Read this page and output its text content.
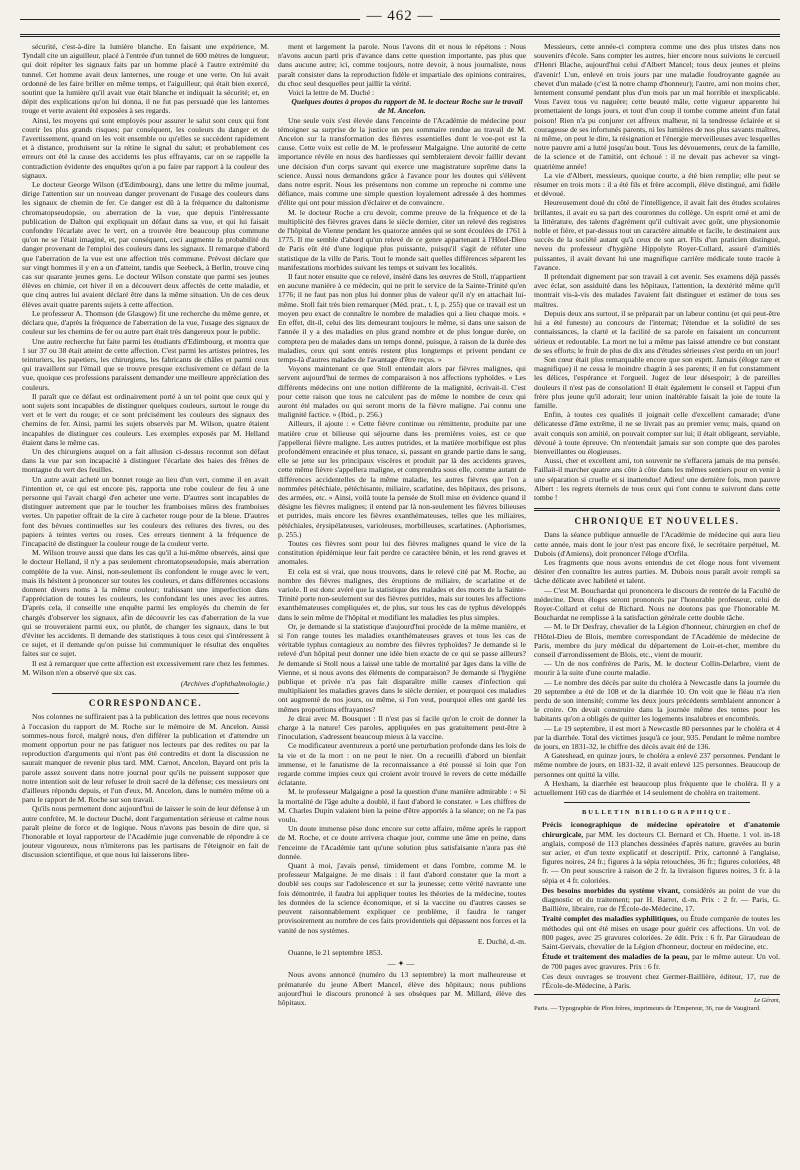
— 462 —

sécurité, c'est-à-dire la lumière blanche. En faisant une expérience, M. Tyndall cite un aiguilleur, placé à l'entrée d'un tunnel de 600 mètres de longueur, qui doit répéter les signaux faits par un homme placé à l'autre extrémité du tunnel. Cet homme avait deux lanternes, une rouge et une verte. On lui avait ordonné de les faire briller en même temps, et l'aiguilleur, qui était bien exercé, soutint que la lumière qu'il avait vue était blanche et indiquait la sécurité; et, en dépit des explications qu'on lui donna, il ne fut pas persuadé que les lanternes rouge et verte avaient été exposées à ses regards.

Ainsi, les moyens qui sont employés pour assurer le salut sont ceux qui font courir les plus grands risques; par conséquent, les couleurs du danger et de l'avertissement, quand on les voit ensemble ou qu'elles se succèdent rapidement et à distance, produisent sur la rétine le signal du salut; et probablement ces erreurs ont été la cause des accidents les plus effrayants, car on se rappelle la contradiction évidente des enquêtes qu'on a pu faire par rapport à la couleur des signaux.

Le docteur George Wilson (d'Edimbourg), dans une lettre du même journal, dirige l'attention sur un nouveau danger provenant de l'usage des couleurs dans les signaux de chemin de fer. Ce danger est dû à la fréquence du daltonisme chromatopseudopsie, ou aberration de la vue, que depuis l'intéressante publication de Dalton qui expliquait un défaut dans sa vue, et qui lui faisait confondre l'écarlate avec le vert, on a trouvée être beaucoup plus commune qu'on ne se l'était imaginé, et, par conséquent, ceci augmente la probabilité du danger provenant de l'emploi des couleurs dans les signaux. Il remarque d'abord que l'aberration de la vue est une affection très commune. Prévost déclare que sur vingt hommes il y en a un d'atteint, tandis que Seebeck, à Berlin, trouve cinq cas sur quarante jeunes gens. Le docteur Wilson constate que parmi ses jeunes élèves en chimie, cet hiver il en a découvert deux affectés de cette maladie, et que cinq autres lui avaient déclaré être dans la même situation. Un de ces deux élèves avait quatre parents sujets à cette affection.

Le professeur A. Thomson (de Glasgow) fit une recherche du même genre, et déclara que, d'après la fréquence de l'aberration de la vue, l'usage des signaux de couleur sur les chemins de fer ou autre part était très dangereux pour le public.

Une autre recherche fut faite parmi les étudiants d'Edimbourg, et montra que 1 sur 37 ou 38 était atteint de cette affection. C'est parmi les artistes peintres, les teinturiers, les papetiers, les chirurgiens, les fabricants de châles et parmi ceux qui travaillent sur l'émail que se trouve presque exclusivement ce défaut de la vue, quoique ces professions paraissent demander une meilleure appréciation des couleurs.

Il paraît que ce défaut est ordinairement porté à un tel point que ceux qui y sont sujets sont incapables de distinguer quelques couleurs, surtout le rouge du vert et le vert du rouge; et ce sont précisément les couleurs des signaux des chemins de fer. Ainsi, parmi les sujets observés par M. Wilson, quatre étaient incapables de distinguer ces couleurs. Les exemples exposés par M. Helland étaient dans le même cas.

Un des chirurgiens auquel on a fait allusion ci-dessus reconnut son défaut dans la vue par son incapacité à distinguer l'écarlate des baies des frênes de montagne du vert des feuilles.

Un autre avait acheté un bonnet rouge au lieu d'un vert, comme il en avait l'intention et, ce qui est encore pis, rapporta une robe couleur de feu à une personne qui l'avait chargé d'en acheter une verte. D'autres sont incapables de distinguer autrement que par le toucher les framboises mûres des framboises vertes. Un papetier offrait de la cire à cacheter rouge pour de la bleue. D'autres font des bévues continuelles sur les couleurs des reliures des livres, ou des papiers à teintes vertes ou roses. Ces erreurs tiennent à la fréquence de l'incapacité de distinguer la couleur rouge de la couleur verte.

M. Wilson trouve aussi que dans les cas qu'il a lui-même observés, ainsi que le docteur Helland, il n'y a pas seulement chromatopseudopsie, mais aberration complète de la vue. Ainsi, non-seulement ils confondent le rouge avec le vert, mais ils hésitent à prononcer sur toutes les couleurs, et dans différentes occasions donnent divers noms à la même couleur; trahissant une imperfection dans l'appréciation de toutes les couleurs, les confondant les unes avec les autres. D'après cela, il conseille une enquête parmi les employés du chemin de fer chargés d'observer les signaux, afin de découvrir les cas d'aberration de la vue qui se trouveraient parmi eux, ou plutôt, de changer les signaux, dans le but d'éviter les accidents. Il demande des statistiques à tous ceux qui s'intéressent à ce sujet, et il demande qu'on puisse lui communiquer le résultat des enquêtes faites sur ce sujet.

Il est à remarquer que cette affection est excessivement rare chez les femmes. M. Wilson n'en a observé que six cas.

(Archives d'ophthalmologie.)
CORRESPONDANCE.

Nos colonnes ne suffiraient pas à la publication des lettres que nous recevons à l'occasion du rapport de M. Roche sur le mémoire de M. Ancelon. Aussi sommes-nous forcé, malgré nous, d'en différer la publication et d'attendre un moment opportun pour ne pas fatiguer nos lecteurs par des redites ou par la reproduction d'arguments qui n'ont pas été contredits et dont la discussion ne saurait manquer de revenir plus tard. MM. Carnot, Ancelon, Bayard ont pris la parole assez souvent dans notre journal pour qu'ils ne puissent supposer que notre intention soit de leur refuser le droit sacré de la défense; ces messieurs ont d'ailleurs répondu depuis, et l'un d'eux, M. Ancelon, dans le numéro même où a paru le rapport de M. Roche sur son travail.

Qu'ils nous permettent donc aujourd'hui de laisser le soin de leur défense à un autre confrère, M. le docteur Duché, dont l'argumentation sérieuse et calme nous paraît pleine de force et de logique. Nous n'avons pas besoin de dire que, si l'honorable et loyal rapporteur de l'Académie juge convenable de répondre à ce jouteur vigoureux, nous n'imiterons pas les partisans de l'éteignoir en fait de discussion scientifique, et que nous lui laisserons libre-

ment et largement la parole. Nous l'avons dit et nous le répétons : Nous n'avons aucun parti pris d'avance dans cette question importante, pas plus que dans aucune autre; ici, comme toujours, notre devoir, à nous journaliste, nous paraît consister dans la reproduction fidèle et impartiale des opinions contraires, du choc seul desquelles peut jaillir la vérité.

Voici la lettre de M. Duché :

Quelques doutes à propos du rapport de M. le docteur Roche sur le travail de M. Ancelon.

Une seule voix s'est élevée dans l'enceinte de l'Académie de médecine pour témoigner sa surprise de la justice un peu sommaire rendue au travail de M. Ancelon sur la transformation des fièvres essentielles dont le voe-pot est la cause. Cette voix est celle de M. le professeur Malgaigne. Une autorité de cette importance révèle en nous des hardiesses qui sembleraient devoir faillir devant une décision d'un corps savant qui exerce une magistrature suprême dans la science. Aussi nous demandons grâce à l'avance pour les doutes qui s'élèvent dans notre esprit. Nous les présentons non comme un reproche ni comme une défiance, mais comme une simple question loyalement adressée à des hommes d'élite qui ont pour mission d'éclairer et de convaincre.

M. le docteur Roche a cru devoir, comme preuve de la fréquence et de la multiplicité des fièvres graves dans le siècle dernier, citer un relevé des registres de l'hôpital de Vienne pendant les quatorze années qui se sont écoulées de 1761 à 1775. Il me semble d'abord qu'un relevé de ce genre appartenant à l'Hôtel-Dieu de Paris eût été d'une logique plus puissante, puisqu'il s'agit de réfuter une statistique de la ville de Paris. Tout le monde sait quelles différences séparent les manifestations morbides suivant les temps et suivant les localités.

Il faut noter ensuite que ce relevé, inséré dans les œuvres de Stoll, n'appartient en aucune manière à ce médecin, qui ne prit le service de la Sainte-Trinité qu'en 1776; il ne faut pas non plus lui donner plus de valeur qu'il n'y en attachait lui-même. Stoll fait très bien remarquer (Méd. prat., t. I, p. 255) que ce travail est un moyen peu exact de connaître le nombre de maladies qui a lieu chaque mois. « En effet, dit-il, celui des lits demeurant toujours le même, si dans une saison de l'année il y a des maladies en plus grand nombre et de plus longue durée, on comptera peu de malades dans un temps donné, puisque, à raison de la durée des maladies, ceux qui sont entrés restent plus longtemps et privent pendant ce temps-là d'autres malades de l'avantage d'être reçus. »

Voyons maintenant ce que Stoll entendait alors par fièvres malignes, qui servent aujourd'hui de termes de comparaison à nos affections typhoïdes. « Les différents médecins ont une notion différente de la malignité, écrivait-il. C'est pour cette raison que tous ne calculent pas de même le nombre de ceux qui auront été malades ou qui seront morts de la fièvre maligne. J'ai connu une malignité factice. » (Ibid., p. 256.)

Ailleurs, il ajoute : « Cette fièvre continue ou rémittente, produite par une matière crue et bilieuse qui séjourne dans les premières voies, est ce que j'appellerai fièvre maligne. Les autres putrides, et la matière morbifique est plus profondément enracinée et plus tenace, si, passant en grande partie dans le sang, elle se jette sur les principaux viscères et produit par là des accidents graves, cette même fièvre s'appellera maligne, et comprendra sous elle, comme autant de différences accidentelles de la même maladie, les autres fièvres que l'on a nommées pétéchiale, pétéchisante, miliaire, scarlatine, des hôpitaux, des prisons, des armées, etc. » Ainsi, voilà toute la pensée de Stoll mise en évidence quand il désigne les fièvres malignes; il entend par là non-seulement les fièvres bilieuses et putrides, mais encore les fièvres exanthémateuses, telles que les miliaires, pétéchiales, érysipélateuses, varioleuses, morbilleuses, scarlatines. (Aphorismes, p. 255.)

Toutes ces fièvres sont pour lui des fièvres malignes quand le vice de la constitution épidémique leur fait perdre ce caractère bénin, et les rend graves et anomales.

Et cela est si vrai, que nous trouvons, dans le relevé cité par M. Roche, au nombre des fièvres malignes, des éruptions de miliaire, de scarlatine et de variole. Il est donc avéré que la statistique des malades et des morts de la Sainte-Trinité porte non-seulement sur des fièvres putrides, mais sur toutes les affections exanthémateuses compliquées et, de plus, sur tous les cas de typhus développés dans le sein même de l'hôpital et modifiant les maladies les plus simples.

Or, je demande si la statistique d'aujourd'hui procède de la même manière, et si l'on range toutes les maladies exanthémateuses graves et tous les cas de véritable typhus contagieux au nombre des fièvres typhoïdes? Je demande si le relevé d'un hôpital peut donner une idée bien exacte de ce qui se passe ailleurs? Je demande si Stoll nous a laissé une table de mortalité par âges dans la ville de Vienne, et si nous avons des éléments de comparaison? Je demande si l'hygiène publique et privée n'a pas fait disparaître mille causes d'infection qui multipliaient les maladies graves dans le siècle dernier, et pourquoi ces maladies ont augmenté de nos jours, ou même, si l'on veut, pourquoi elles ont gardé les mêmes proportions effrayantes?

Je dirai avec M. Bousquet : Il n'est pas si facile qu'on le croit de donner la charge à la nature! Ces paroles, appliquées en pas gratuitement peut-être à l'inoculation, s'adressent beaucoup mieux à la vaccine.

Ce modificateur aventureux a porté une perturbation profonde dans les lois de la vie et de la mort : on ne peut le nier. On a recueilli d'abord un bienfait immense, et le fanatisme de la reconnaissance a été poussé si loin que l'on regarde comme impies ceux qui croient avoir trouvé le revers de cette médaille éclatante.

M. le professeur Malgaigne a posé la question d'une manière admirable : « Si la mortalité de l'âge adulte a doublé, il faut d'abord le constater. » Les chiffres de M. Charles Dupin valaient bien la peine d'être apportés à la séance; on ne l'a pas voulu.

Un doute immense pèse donc encore sur cette affaire, même après le rapport de M. Roche, et ce doute arrivera chaque jour, comme une âme en peine, dans l'enceinte de l'Académie tant qu'une solution plus satisfaisante n'aura pas été donnée.

Quant à moi, j'avais pensé, timidement et dans l'ombre, comme M. le professeur Malgaigne. Je me disais : il faut d'abord constater que la mort a doublé ses coups sur l'adolescence et sur la jeunesse; cette vérité navrante une fois démontrée, il faudra lui appliquer toutes les théories de la médecine, toutes les données de la science économique, et si la vaccine ou d'autres causes se peuvent raisonnablement expliquer ce problème, il faudra le ranger provisoirement au nombre de ces faits providentiels qui dépassent nos forces et la vanité de nos systèmes.

E. Duché, d.-m.

Ouanne, le 21 septembre 1853.

—✦—

Nous avons annoncé (numéro du 13 septembre) la mort malheureuse et prématurée du jeune Albert Mancel, élève des hôpitaux; nous publions aujourd'hui le discours prononcé à ses obsèques par M. Millard, élève des hôpitaux.

Messieurs, cette année-ci comptera comme une des plus tristes dans nos souvenirs d'école. Sans compter les autres, hier encore nous suivions le cercueil d'Henri Blache, aujourd'hui celui d'Albert Mancel; tous deux jeunes et pleins d'avenir! L'un, enlevé en trois jours par une maladie foudroyante gagnée au chevet d'un malade (c'est là notre champ d'honneur); l'autre, ami non moins cher, lentement consumé pendant plus d'un mois par un mal horrible et inexplicable. Vous l'avez tous vu naguère; cette beauté mâle, cette vigueur apparente lui promettaient de longs jours, et tout d'un coup il tombe comme atteint d'un fatal poison! Rien n'a pu conjurer cet affreux malheur, ni la tendresse éclairée et si courageuse de ses infortunés parents, ni les lumières de nos plus savants maîtres, ni même, on peut le dire, la résignation et l'énergie merveilleuses avec lesquelles notre pauvre ami a lutté jusqu'au bout. Tous les dévouements, ceux de la famille, de la science et de l'amitié, ont échoué : il ne devait pas achever sa vingt-quatrième année!

La vie d'Albert, messieurs, quoique courte, a été bien remplie; elle peut se résumer en trois mots : il a été fils et frère accompli, élève distingué, ami fidèle et dévoué.

Heureusement doué du côté de l'intelligence, il avait fait des études scolaires brillantes, il avait eu sa part des couronnes du collège. Un esprit orné et ami de la littérature, des talents d'agrément qu'il cultivait avec goût, une physionomie noble et fière, et par-dessus tout un caractère aimable et facile, le destinaient aux succès de la société autant qu'à ceux de son art. Fils d'un praticien distingué, neveu du professeur d'hygiène Hippolyte Royer-Collard, assuré d'amitiés puissantes, il avait devant lui une magnifique carrière médicale toute tracée à l'avance.

Il prétendait dignement par son travail à cet avenir. Ses examens déjà passés avec éclat, son assiduité dans les hôpitaux, l'attention, la dextérité même qu'il montrait vis-à-vis des malades l'avaient fait distinguer et estimer de tous ses maîtres.

Depuis deux ans surtout, il se préparait par un labeur continu (et qui peut-être lui a été funeste) au concours de l'internat; l'étendue et la solidité de ses connaissances, la clarté et la facilité de sa parole en faisaient un concurrent sérieux et redoutable. La mort ne lui a même pas laissé attendre ce but constant de ses efforts; le fruit de plus de dix ans d'études sérieuses s'est perdu en un jour!

Son cœur était plus remarquable encore que son esprit. Jamais (éloge rare et magnifique) il ne cessa le moindre chagrin à ses parents; il en fut constamment les délices, l'espérance et l'orgueil. Jugez de leur désespoir; à de pareilles douleurs il n'est pas de consolation! Il était également le conseil et l'appui d'un frère plus jeune qu'il adorait; leur union inaltérable faisait la joie de toute la famille.

Enfin, à toutes ces qualités il joignait celle d'excellent camarade; d'une délicatesse d'âme extrême, il ne se livrait pas au premier venu; mais, quand on avait conquis son amitié, on pouvait compter sur lui; il était obligeant, serviable, dévoué à toute épreuve. On n'entendait jamais sur son compte que des paroles bienveillantes ou élogieuses.

Aussi, cher et excellent ami, ton souvenir ne s'effacera jamais de ma pensée. Faillait-il marcher quatre ans côte à côte dans les mêmes sentiers pour en venir à une séparation si cruelle et si inattendue! Adieu! une dernière fois, mon pauvre Albert : les regrets éternels de tous ceux qui t'ont connu te suivront dans cette tombe !

CHRONIQUE ET NOUVELLES.

Dans la séance publique annuelle de l'Académie de médecine qui aura lieu cette année, mais dont le jour n'est pas encore fixé, le secrétaire perpétuel, M. Dubois (d'Amiens), doit prononcer l'éloge d'Orfila.

Les fragments que nous avons entendus de cet éloge nous font vivement désirer d'en connaître les autres parties. M. Dubois nous paraît avoir rempli sa tâche délicate avec habileté et talent.

— C'est M. Bouchardat qui prononcera le discours de rentrée de la Faculté de médecine. Deux éloges seront prononcés par l'honorable professeur, celui de Royer-Collard et celui de Richard. Nous ne doutons pas que l'honorable M. Bouchardat ne remplisse à la satisfaction générale cette double tâche.

— M. le Dr Desfray, chevalier de la Légion d'honneur, chirurgien en chef de l'Hôtel-Dieu de Blois, membre correspondant de l'Académie de médecine de Paris, membre du jury médical du département de Loir-et-cher, membre du conseil d'arrondissement de Blois, etc., vient de mourir.

— Un de nos confrères de Paris, M. le docteur Collin-Delarbre, vient de mourir à la suite d'une courte maladie.

— Le nombre des décès par suite du choléra à Newcastle dans la journée du 20 septembre a été de 108 et de la diarrhée 10. On voit que le fléau n'a rien perdu de son intensité; comme les deux jours précédents semblaient annoncer à le croire. On devait construire dans la journée même des tentes pour les habitants qu'on a obligés de quitter les logements insalubres et encombrés.

— Le 19 septembre, il est mort à Newcastle 80 personnes par le choléra et 4 par la diarrhée. Total des victimes jusqu'à ce jour, 935. Pendant le même nombre de jours, en 1831-32, le chiffre des décès avait été de 136.

A Gateshead, en quinze jours, le choléra a enlevé 237 personnes. Pendant le même nombre de jours, en 1831-32, il avait enlevé 125 personnes. Beaucoup de personnes ont quitté la ville.

A Hexham, la diarrhée est beaucoup plus fréquente que le choléra. Il y a actuellement 160 cas de diarrhée et 14 seulement de choléra en traitement.

BULLETIN BIBLIOGRAPHIQUE.

Précis iconographique de médecine opératoire et d'anatomie chirurgicale, par MM. les docteurs Cl. Bernard et Ch. Huette. 1 vol. in-18 anglais, composé de 113 planches dessinées d'après nature, gravées au burin sur acier, et d'un texte explicatif et descriptif. Prix, cartonné à l'anglaise, figures noires, 24 fr.; figures à la sépia retouchées, 36 fr.; figures coloriées, 48 fr. — On peut souscrire à raison de 2 fr. la livraison figures noires, 3 fr. à la sépia et 4 fr. coloriées.

Des besoins morbides du système vivant, considérés au point de vue du diagnostic et du traitement; par H. Barret, d.-m. Prix : 2 fr. — Paris, G. Baillière, libraire, rue de l'École-de-Médecine, 17.

Traité complet des maladies syphilitiques, ou Étude comparée de toutes les méthodes qui ont été mises en usage pour guérir ces affections. Un vol. de 800 pages, avec 25 gravures coloriées. 2e édit. Prix : 6 fr. Par Giraudeau de Saint-Gervais, chevalier de la Légion d'honneur, docteur en médecine, etc.

Étude et traitement des maladies de la peau, par le même auteur. Un vol. de 700 pages avec gravures. Prix : 6 fr.

Ces deux ouvrages se trouvent chez Germer-Baillière, éditeur, 17, rue de l'École-de-Médecine, à Paris.

Le Gérant,
Paris. — Typographie de Plon frères, imprimeurs de l'Empereur, 36, rue de Vaugirard.
